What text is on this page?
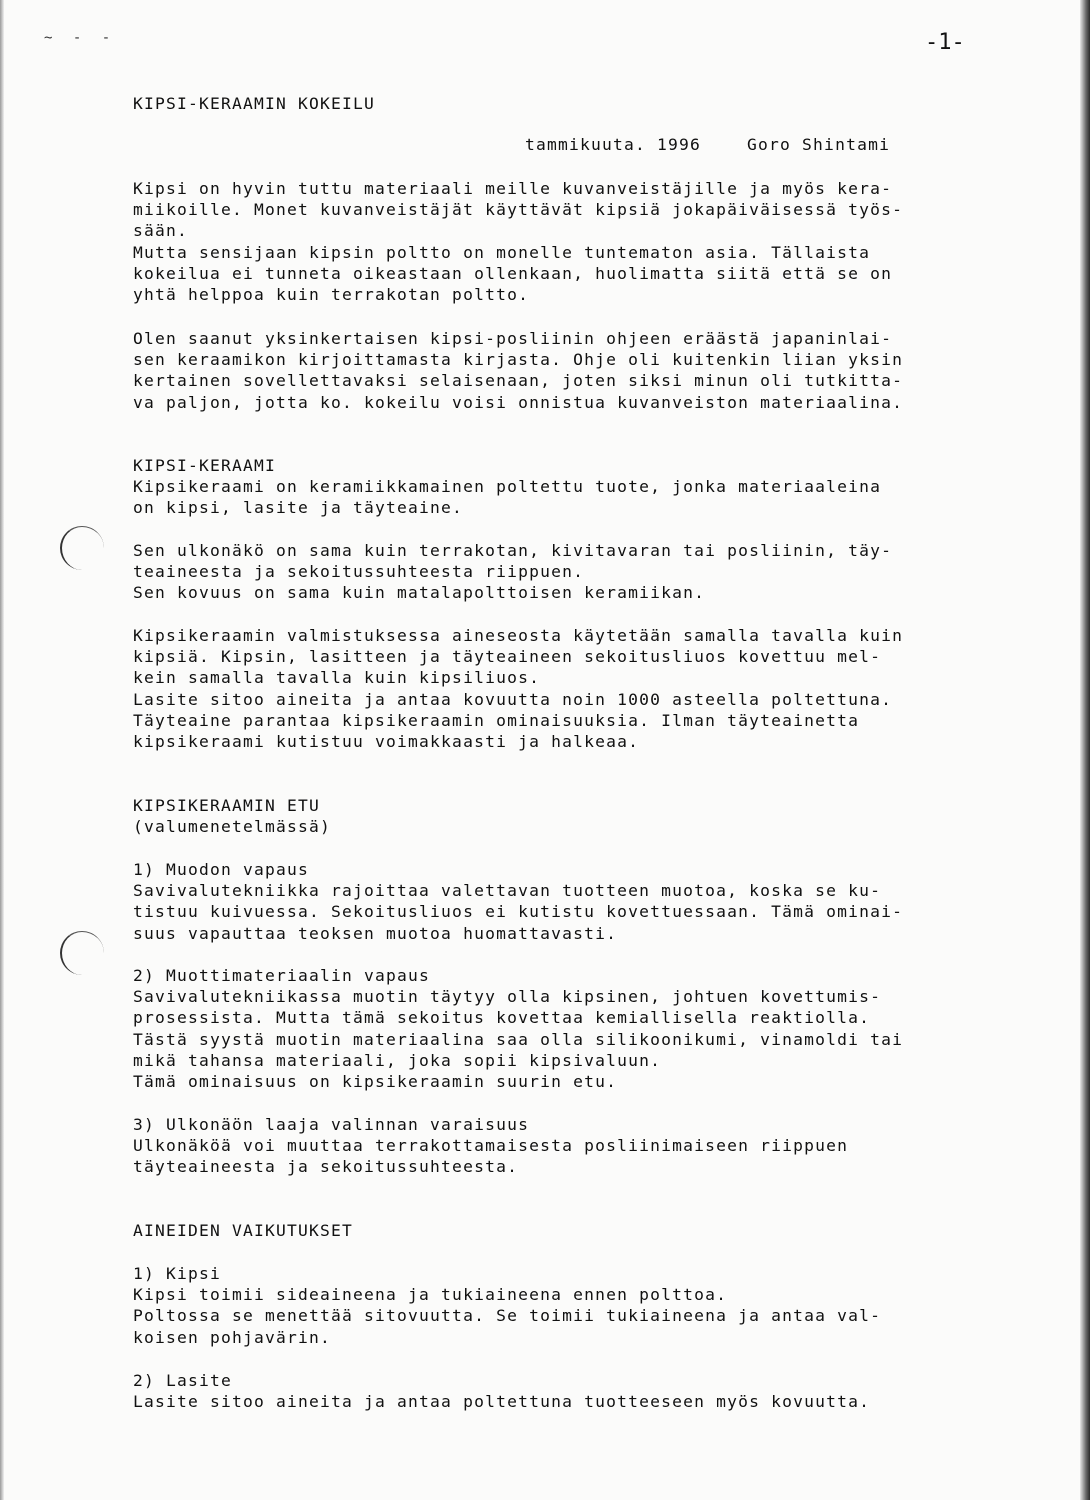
~ - -	-1-
KIPSI-KERAAMIN KOKEILU
tammikuuta. 1996	Goro Shintami
Kipsi on hyvin tuttu materiaali meille kuvanveistäjille ja myös kera-
miikoille. Monet kuvanveistäjät käyttävät kipsiä jokapäiväisessä työs-
sään.
Mutta sensijaan kipsin poltto on monelle tuntematon asia. Tällaista
kokeilua ei tunneta oikeastaan ollenkaan, huolimatta siitä että se on
yhtä helppoa kuin terrakotan poltto.
Olen saanut yksinkertaisen kipsi-posliinin ohjeen eräästä japaninlai-
sen keraamikon kirjoittamasta kirjasta. Ohje oli kuitenkin liian yksin
kertainen sovellettavaksi selaisenaan, joten siksi minun oli tutkitta-
va paljon, jotta ko. kokeilu voisi onnistua kuvanveiston materiaalina.
KIPSI-KERAAMI
Kipsikeraami on keramiikkamainen poltettu tuote, jonka materiaaleina
on kipsi, lasite ja täyteaine.
Sen ulkonäkö on sama kuin terrakotan, kivitavaran tai posliinin, täy-
teaineesta ja sekoitussuhteesta riippuen.
Sen kovuus on sama kuin matalapolttoisen keramiikan.
Kipsikeraamin valmistuksessa aineseosta käytetään samalla tavalla kuin
kipsiä. Kipsin, lasitteen ja täyteaineen sekoitusliuos kovettuu mel-
kein samalla tavalla kuin kipsiliuos.
Lasite sitoo aineita ja antaa kovuutta noin 1000 asteella poltettuna.
Täyteaine parantaa kipsikeraamin ominaisuuksia. Ilman täyteainetta
kipsikeraami kutistuu voimakkaasti ja halkeaa.
KIPSIKERAAMIN ETU
(valumenetelmässä)
1) Muodon vapaus
Savivalutekniikka rajoittaa valettavan tuotteen muotoa, koska se ku-
tistuu kuivuessa. Sekoitusliuos ei kutistu kovettuessaan. Tämä ominai-
suus vapauttaa teoksen muotoa huomattavasti.
2) Muottimateriaalin vapaus
Savivalutekniikassa muotin täytyy olla kipsinen, johtuen kovettumis-
prosessista. Mutta tämä sekoitus kovettaa kemiallisella reaktiolla.
Tästä syystä muotin materiaalina saa olla silikoonikumi, vinamoldi tai
mikä tahansa materiaali, joka sopii kipsivaluun.
Tämä ominaisuus on kipsikeraamin suurin etu.
3) Ulkonäön laaja valinnan varaisuus
Ulkonäköä voi muuttaa terrakottamaisesta posliinimaiseen riippuen
täyteaineesta ja sekoitussuhteesta.
AINEIDEN VAIKUTUKSET
1) Kipsi
Kipsi toimii sideaineena ja tukiaineena ennen polttoa.
Poltossa se menettää sitovuutta. Se toimii tukiaineena ja antaa val-
koisen pohjavärin.
2) Lasite
Lasite sitoo aineita ja antaa poltettuna tuotteeseen myös kovuutta.
